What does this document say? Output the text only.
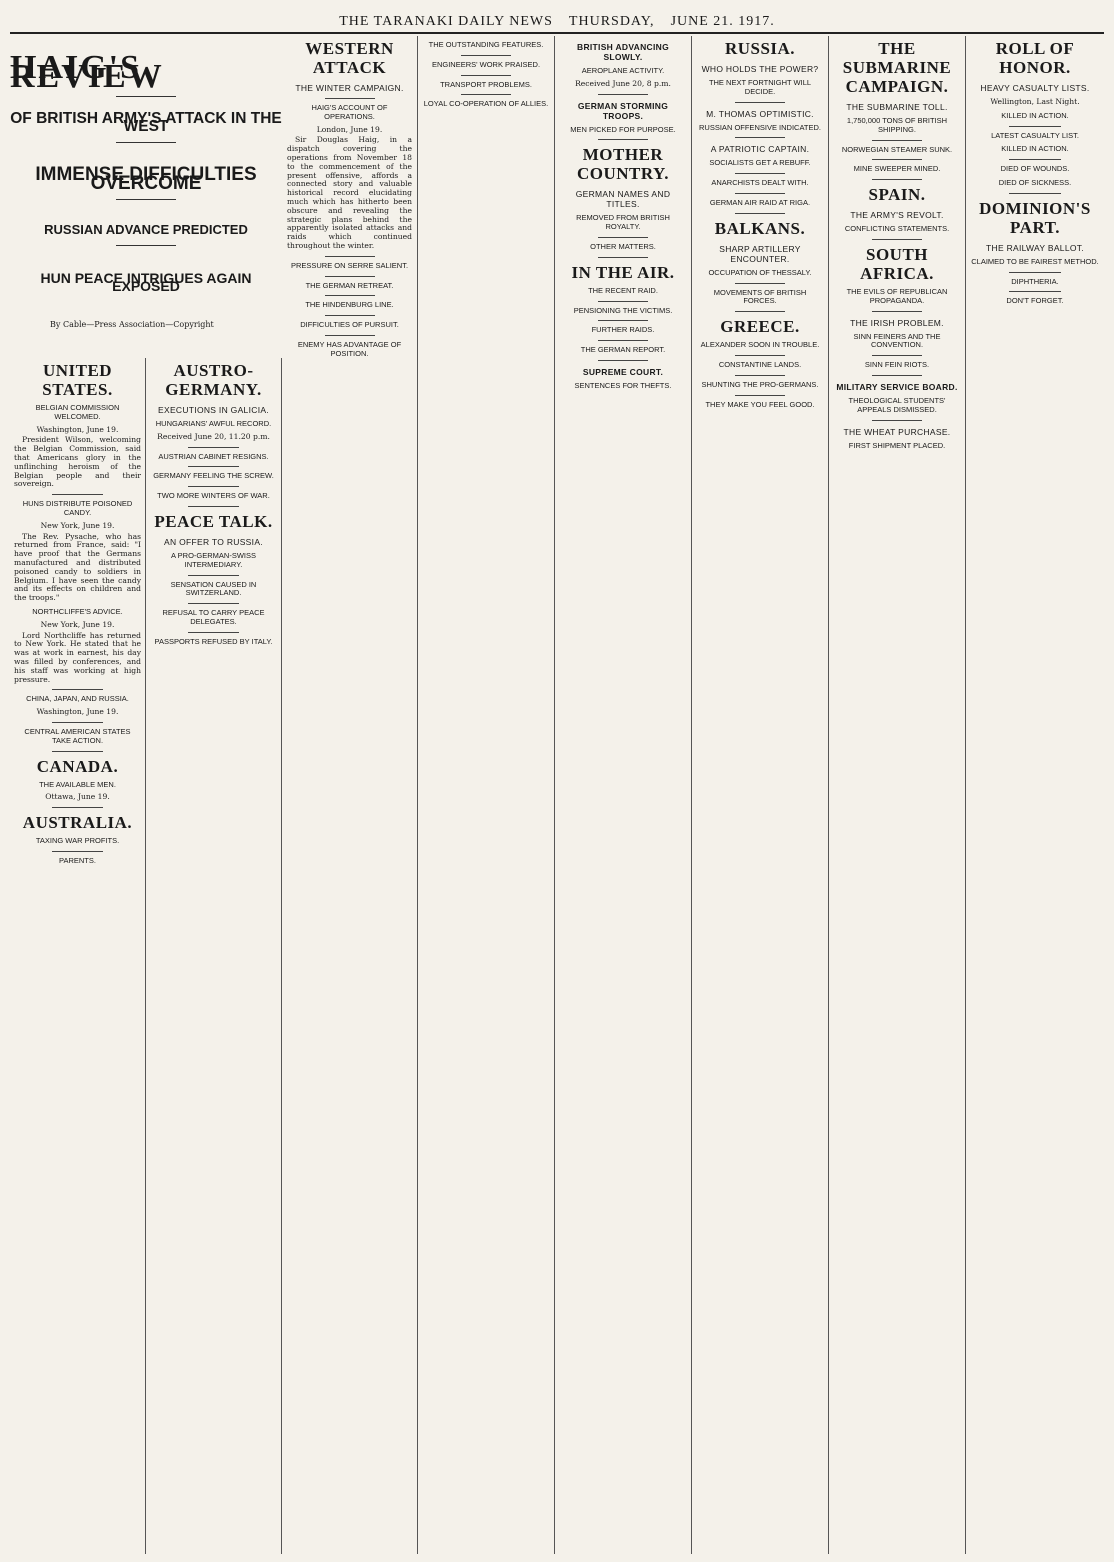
THE TARANAKI DAILY NEWS THURSDAY, JUNE 21. 1917.
HAIG'S REVIEW
OF BRITISH ARMY'S ATTACK IN THE WEST
IMMENSE DIFFICULTIES OVERCOME
RUSSIAN ADVANCE PREDICTED
HUN PEACE INTRIGUES AGAIN EXPOSED
By Cable—Press Association—Copyright
UNITED STATES.
BELGIAN COMMISSION WELCOMED.
Washington, June 19.

President Wilson, welcoming the Belgian Commission, said that Americans glory in the unflinching heroism of the Belgian people and their sovereign.

HUNS DISTRIBUTE POISONED CANDY.
New York, June 19.

The Rev. Pysache, who has returned from France, said: "I have proof that the Germans manufactured and distributed poisoned candy to soldiers in Belgium. I have seen the candy and its effects on children and the troops."

NORTHCLIFFE'S ADVICE.
New York, June 19.

Lord Northcliffe has returned to New York. He stated that he was at work in earnest, his day was filled by conferences, and his staff was working at high pressure.

CHINA, JAPAN, AND RUSSIA.
Washington, June 19.
CENTRAL AMERICAN STATES TAKE ACTION.
CANADA.
THE AVAILABLE MEN.
Ottawa, June 19.
AUSTRALIA.
TAXING WAR PROFITS.
PARENTS.
AUSTRO-GERMANY.
EXECUTIONS IN GALICIA.
HUNGARIANS' AWFUL RECORD.
Received June 20, 11.20 p.m.
AUSTRIAN CABINET RESIGNS.
GERMANY FEELING THE SCREW.
TWO MORE WINTERS OF WAR.
PEACE TALK.
AN OFFER TO RUSSIA.
A PRO-GERMAN-SWISS INTERMEDIARY.
SENSATION CAUSED IN SWITZERLAND.
REFUSAL TO CARRY PEACE DELEGATES.
PASSPORTS REFUSED BY ITALY.
WESTERN ATTACK
THE WINTER CAMPAIGN.
HAIG'S ACCOUNT OF OPERATIONS.
London, June 19.

Sir Douglas Haig, in a dispatch covering the operations from November 18 to the commencement of the present offensive, affords a connected story and valuable historical record elucidating much which has hitherto been obscure and revealing the strategic plans behind the apparently isolated attacks and raids which continued throughout the winter.

PRESSURE ON SERRE SALIENT.
THE GERMAN RETREAT.
THE HINDENBURG LINE.
DIFFICULTIES OF PURSUIT.
ENEMY HAS ADVANTAGE OF POSITION.
THE OUTSTANDING FEATURES.
ENGINEERS' WORK PRAISED.
TRANSPORT PROBLEMS.
LOYAL CO-OPERATION OF ALLIES.
BRITISH ADVANCING SLOWLY.
AEROPLANE ACTIVITY.
Received June 20, 8 p.m.
GERMAN STORMING TROOPS.
MEN PICKED FOR PURPOSE.
MOTHER COUNTRY.
GERMAN NAMES AND TITLES.
REMOVED FROM BRITISH ROYALTY.
OTHER MATTERS.
IN THE AIR.
THE RECENT RAID.
PENSIONING THE VICTIMS.
FURTHER RAIDS.
THE GERMAN REPORT.
SUPREME COURT.
SENTENCES FOR THEFTS.
RUSSIA.
WHO HOLDS THE POWER?
THE NEXT FORTNIGHT WILL DECIDE.
M. THOMAS OPTIMISTIC.
RUSSIAN OFFENSIVE INDICATED.
A PATRIOTIC CAPTAIN.
SOCIALISTS GET A REBUFF.
ANARCHISTS DEALT WITH.
GERMAN AIR RAID AT RIGA.
BALKANS.
SHARP ARTILLERY ENCOUNTER.
OCCUPATION OF THESSALY.
MOVEMENTS OF BRITISH FORCES.
GREECE.
ALEXANDER SOON IN TROUBLE.
CONSTANTINE LANDS.
SHUNTING THE PRO-GERMANS.
THEY MAKE YOU FEEL GOOD.
THE SUBMARINE CAMPAIGN.
THE SUBMARINE TOLL.
1,750,000 TONS OF BRITISH SHIPPING.
NORWEGIAN STEAMER SUNK.
MINE SWEEPER MINED.
SPAIN.
THE ARMY'S REVOLT.
CONFLICTING STATEMENTS.
SOUTH AFRICA.
THE EVILS OF REPUBLICAN PROPAGANDA.
THE IRISH PROBLEM.
SINN FEINERS AND THE CONVENTION.
SINN FEIN RIOTS.
MILITARY SERVICE BOARD.
THEOLOGICAL STUDENTS' APPEALS DISMISSED.
THE WHEAT PURCHASE.
FIRST SHIPMENT PLACED.
ROLL OF HONOR.
HEAVY CASUALTY LISTS.
Wellington, Last Night.
KILLED IN ACTION.
LATEST CASUALTY LIST.
KILLED IN ACTION.
DIED OF WOUNDS.
DIED OF SICKNESS.
DOMINION'S PART.
THE RAILWAY BALLOT.
CLAIMED TO BE FAIREST METHOD.
DIPHTHERIA.
DON'T FORGET.
